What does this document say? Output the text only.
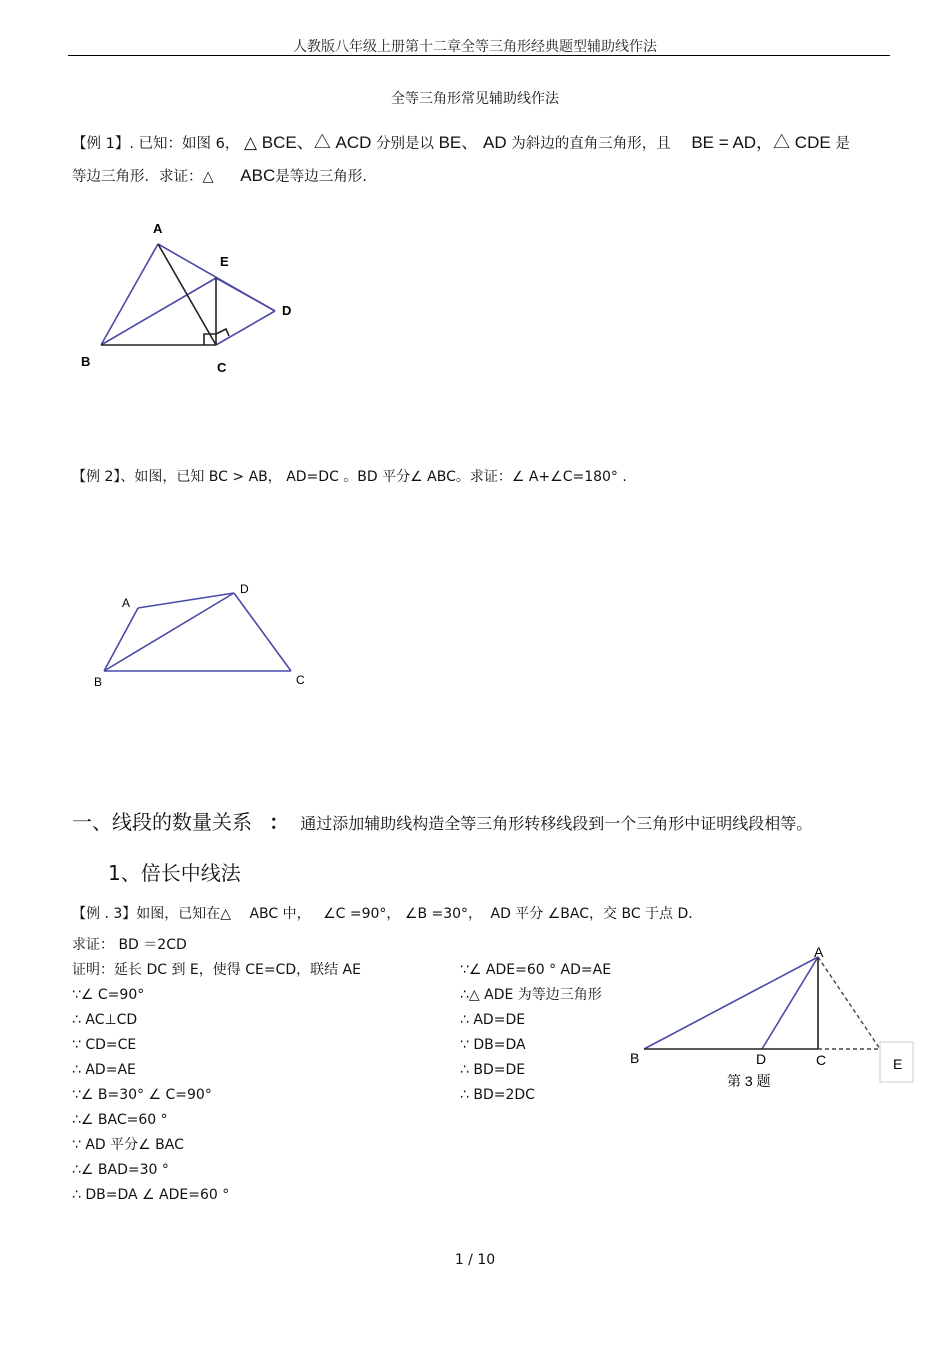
人教版八年级上册第十二章全等三角形经典题型辅助线作法
全等三角形常见辅助线作法
【例 1】. 已知：如图 6， △ BCE、△ ACD 分别是以 BE、 AD 为斜边的直角三角形，且 BE = AD，△ CDE 是
等边三角形．求证：△ ABC是等边三角形.
A
E
D
B	C
A
D
B	C
A
B	D	C	E
第 3 题
【例 2】、如图，已知 BC > AB， AD=DC 。BD 平分∠ ABC。求证：∠ A+∠C=180° .
一、线段的数量关系 ： 通过添加辅助线构造全等三角形转移线段到一个三角形中证明线段相等。
1、倍长中线法
【例 . 3】如图，已知在△ ABC 中， ∠C =90°， ∠B =30°， AD 平分 ∠BAC，交 BC 于点 D．
求证： BD ＝2CD
证明：延长 DC 到 E，使得 CE=CD，联结 AE
∵∠ C=90°
∴ AC⊥CD
∵ CD=CE
∴ AD=AE
∵∠ B=30° ∠ C=90°
∴∠ BAC=60 °
∵ AD 平分∠ BAC
∴∠ BAD=30 °
∴ DB=DA ∠ ADE=60 °
∵∠ ADE=60 ° AD=AE
∴△ ADE 为等边三角形
∴ AD=DE
∵ DB=DA
∴ BD=DE
∴ BD=2DC
1 / 10
